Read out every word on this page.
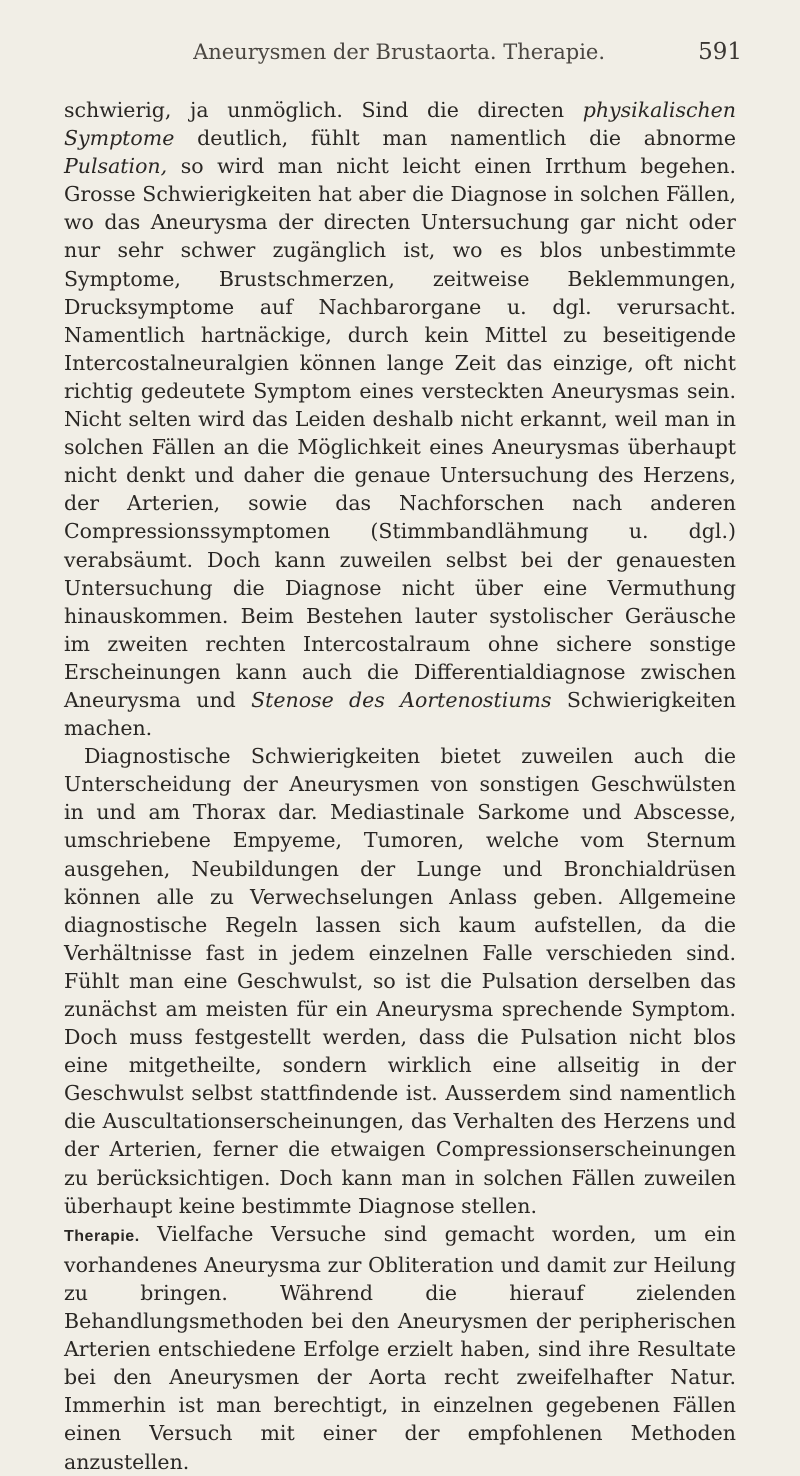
Aneurysmen der Brustaorta. Therapie.	591

schwierig, ja unmöglich. Sind die directen physikalischen Symptome deutlich, fühlt man namentlich die abnorme Pulsation, so wird man nicht leicht einen Irrthum begehen. Grosse Schwierigkeiten hat aber die Diagnose in solchen Fällen, wo das Aneurysma der directen Untersuchung gar nicht oder nur sehr schwer zugänglich ist, wo es blos unbestimmte Symptome, Brustschmerzen, zeitweise Beklemmungen, Drucksymptome auf Nachbarorgane u. dgl. verursacht. Namentlich hartnäckige, durch kein Mittel zu beseitigende Intercostalneuralgien können lange Zeit das einzige, oft nicht richtig gedeutete Symptom eines versteckten Aneurysmas sein. Nicht selten wird das Leiden deshalb nicht erkannt, weil man in solchen Fällen an die Möglichkeit eines Aneurysmas überhaupt nicht denkt und daher die genaue Untersuchung des Herzens, der Arterien, sowie das Nachforschen nach anderen Compressionssymptomen (Stimmbandlähmung u. dgl.) verabsäumt. Doch kann zuweilen selbst bei der genauesten Untersuchung die Diagnose nicht über eine Vermuthung hinauskommen. Beim Bestehen lauter systolischer Geräusche im zweiten rechten Intercostalraum ohne sichere sonstige Erscheinungen kann auch die Differentialdiagnose zwischen Aneurysma und Stenose des Aortenostiums Schwierigkeiten machen.

Diagnostische Schwierigkeiten bietet zuweilen auch die Unterscheidung der Aneurysmen von sonstigen Geschwülsten in und am Thorax dar. Mediastinale Sarkome und Abscesse, umschriebene Empyeme, Tumoren, welche vom Sternum ausgehen, Neubildungen der Lunge und Bronchialdrüsen können alle zu Verwechselungen Anlass geben. Allgemeine diagnostische Regeln lassen sich kaum aufstellen, da die Verhältnisse fast in jedem einzelnen Falle verschieden sind. Fühlt man eine Geschwulst, so ist die Pulsation derselben das zunächst am meisten für ein Aneurysma sprechende Symptom. Doch muss festgestellt werden, dass die Pulsation nicht blos eine mitgetheilte, sondern wirklich eine allseitig in der Geschwulst selbst stattfindende ist. Ausserdem sind namentlich die Auscultationserscheinungen, das Verhalten des Herzens und der Arterien, ferner die etwaigen Compressionserscheinungen zu berücksichtigen. Doch kann man in solchen Fällen zuweilen überhaupt keine bestimmte Diagnose stellen.

Therapie. Vielfache Versuche sind gemacht worden, um ein vorhandenes Aneurysma zur Obliteration und damit zur Heilung zu bringen. Während die hierauf zielenden Behandlungsmethoden bei den Aneurysmen der peripherischen Arterien entschiedene Erfolge erzielt haben, sind ihre Resultate bei den Aneurysmen der Aorta recht zweifelhafter Natur. Immerhin ist man berechtigt, in einzelnen gegebenen Fällen einen Versuch mit einer der empfohlenen Methoden anzustellen.
